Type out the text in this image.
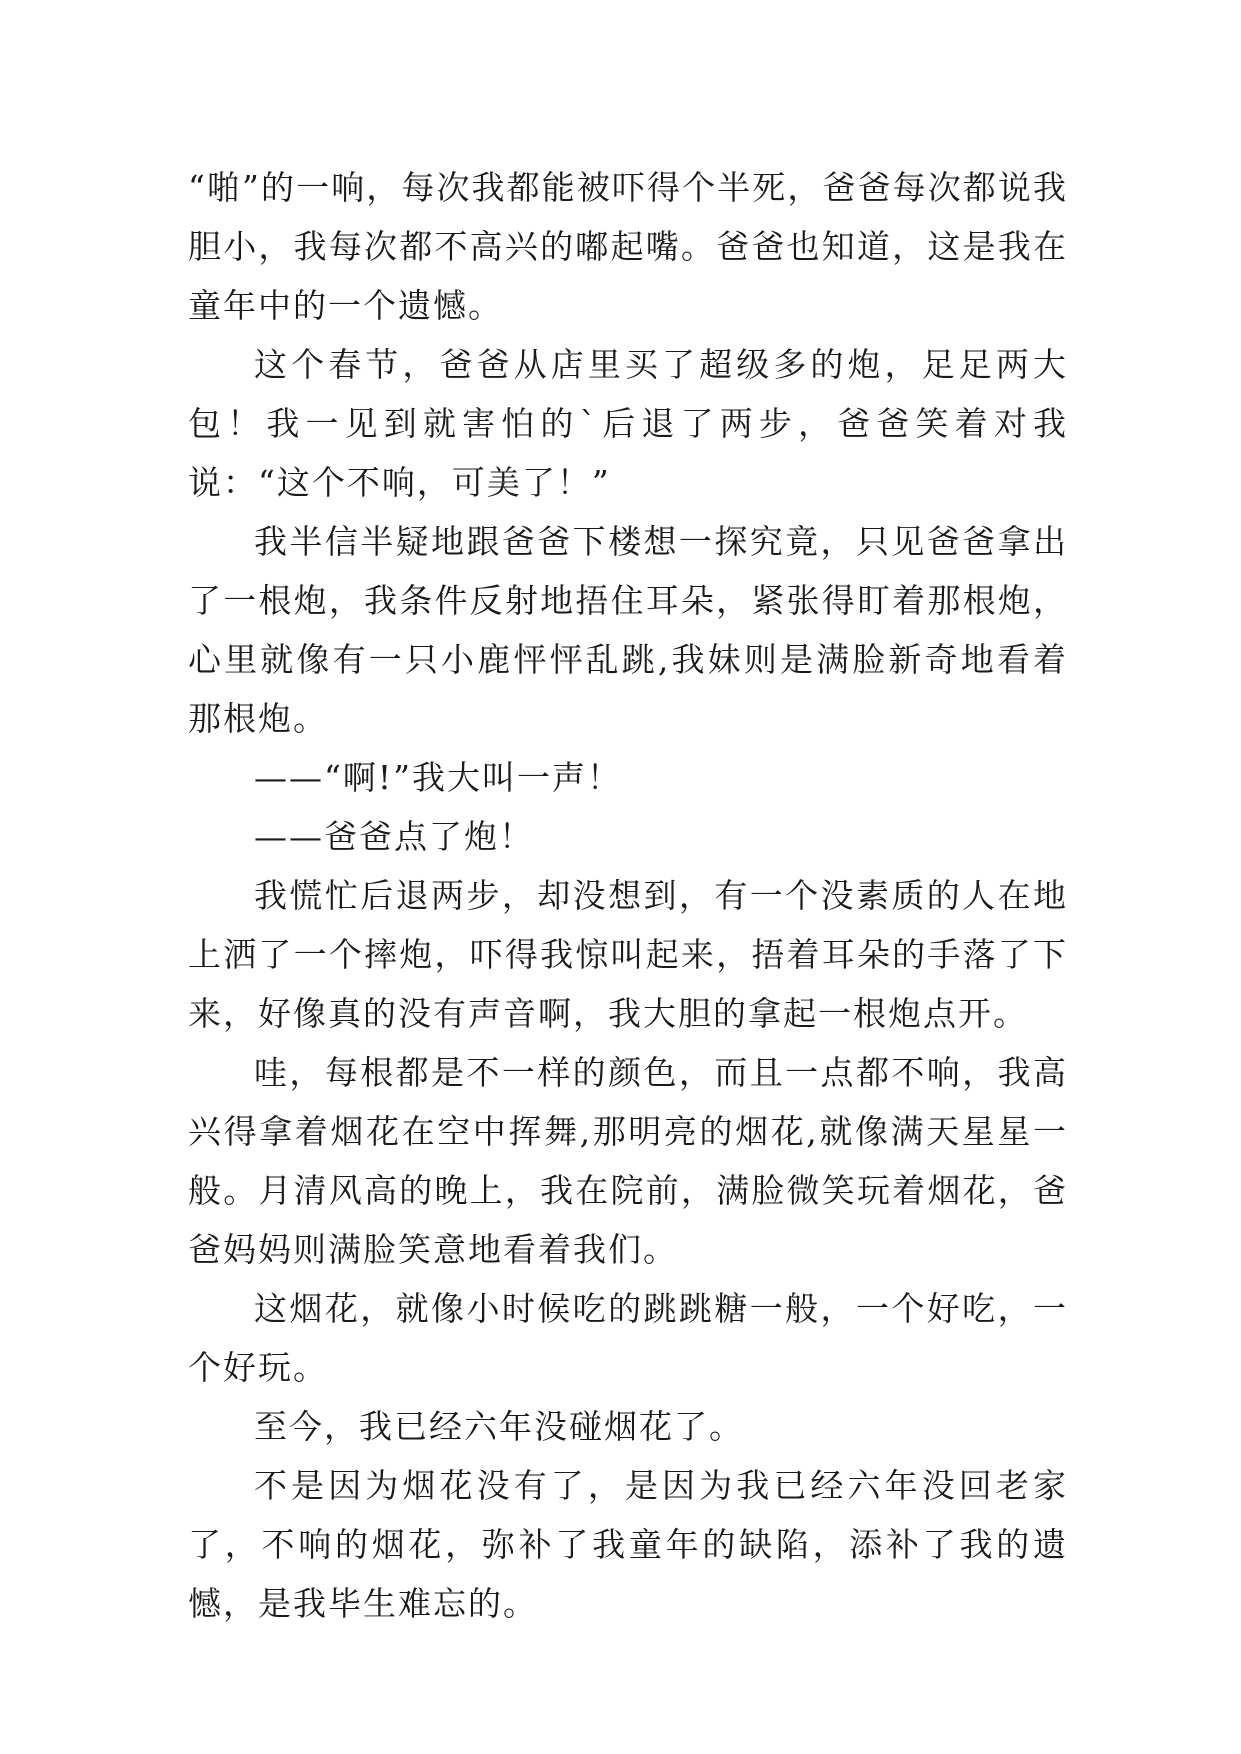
“啪”的一响，每次我都能被吓得个半死，爸爸每次都说我胆小，我每次都不高兴的嘟起嘴。爸爸也知道，这是我在童年中的一个遗憾。

这个春节，爸爸从店里买了超级多的炮，足足两大包！我一见到就害怕的`后退了两步，爸爸笑着对我说：“这个不响，可美了！”

我半信半疑地跟爸爸下楼想一探究竟，只见爸爸拿出了一根炮，我条件反射地捂住耳朵，紧张得盯着那根炮，心里就像有一只小鹿怦怦乱跳,我妹则是满脸新奇地看着那根炮。

——“啊!”我大叫一声！

——爸爸点了炮！

我慌忙后退两步，却没想到，有一个没素质的人在地上洒了一个摔炮，吓得我惊叫起来，捂着耳朵的手落了下来，好像真的没有声音啊，我大胆的拿起一根炮点开。

哇，每根都是不一样的颜色，而且一点都不响，我高兴得拿着烟花在空中挥舞,那明亮的烟花,就像满天星星一般。月清风高的晚上，我在院前，满脸微笑玩着烟花，爸爸妈妈则满脸笑意地看着我们。

这烟花，就像小时候吃的跳跳糖一般，一个好吃，一个好玩。

至今，我已经六年没碰烟花了。

不是因为烟花没有了，是因为我已经六年没回老家了，不响的烟花，弥补了我童年的缺陷，添补了我的遗憾，是我毕生难忘的。
